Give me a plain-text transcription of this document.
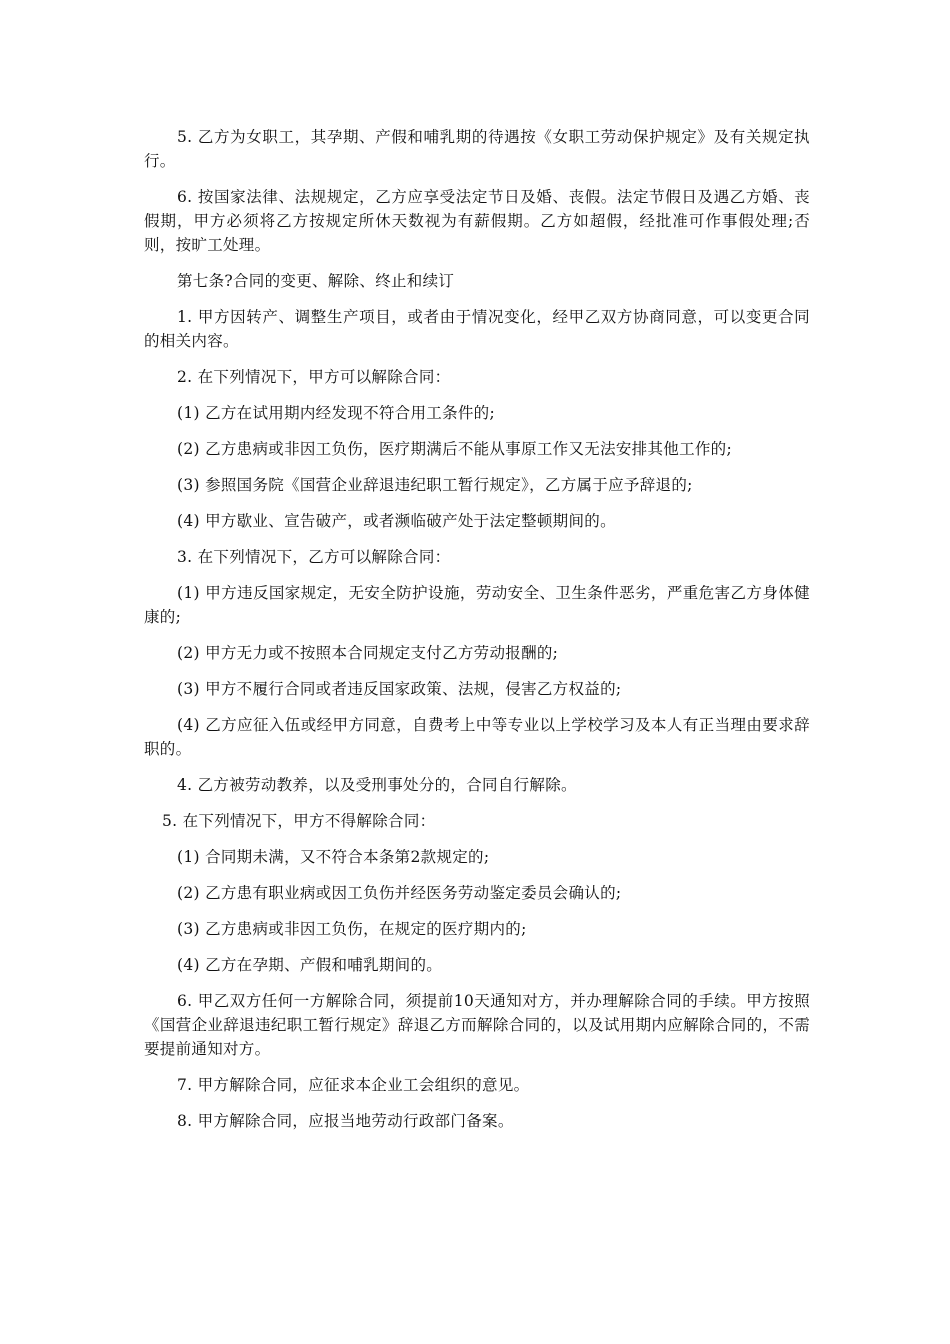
5. 乙方为女职工，其孕期、产假和哺乳期的待遇按《女职工劳动保护规定》及有关规定执行。

6. 按国家法律、法规规定，乙方应享受法定节日及婚、丧假。法定节假日及遇乙方婚、丧假期，甲方必须将乙方按规定所休天数视为有薪假期。乙方如超假，经批准可作事假处理;否则，按旷工处理。

第七条?合同的变更、解除、终止和续订

1. 甲方因转产、调整生产项目，或者由于情况变化，经甲乙双方协商同意，可以变更合同的相关内容。

2. 在下列情况下，甲方可以解除合同：

(1) 乙方在试用期内经发现不符合用工条件的;

(2) 乙方患病或非因工负伤，医疗期满后不能从事原工作又无法安排其他工作的;

(3) 参照国务院《国营企业辞退违纪职工暂行规定》，乙方属于应予辞退的;

(4) 甲方歇业、宣告破产，或者濒临破产处于法定整顿期间的。

3. 在下列情况下，乙方可以解除合同：

(1) 甲方违反国家规定，无安全防护设施，劳动安全、卫生条件恶劣，严重危害乙方身体健康的;

(2) 甲方无力或不按照本合同规定支付乙方劳动报酬的;

(3) 甲方不履行合同或者违反国家政策、法规，侵害乙方权益的;

(4) 乙方应征入伍或经甲方同意，自费考上中等专业以上学校学习及本人有正当理由要求辞职的。

4. 乙方被劳动教养，以及受刑事处分的，合同自行解除。

5. 在下列情况下，甲方不得解除合同：

(1) 合同期未满，又不符合本条第2款规定的;

(2) 乙方患有职业病或因工负伤并经医务劳动鉴定委员会确认的;

(3) 乙方患病或非因工负伤，在规定的医疗期内的;

(4) 乙方在孕期、产假和哺乳期间的。

6. 甲乙双方任何一方解除合同，须提前10天通知对方，并办理解除合同的手续。甲方按照《国营企业辞退违纪职工暂行规定》辞退乙方而解除合同的，以及试用期内应解除合同的，不需要提前通知对方。

7. 甲方解除合同，应征求本企业工会组织的意见。

8. 甲方解除合同，应报当地劳动行政部门备案。
